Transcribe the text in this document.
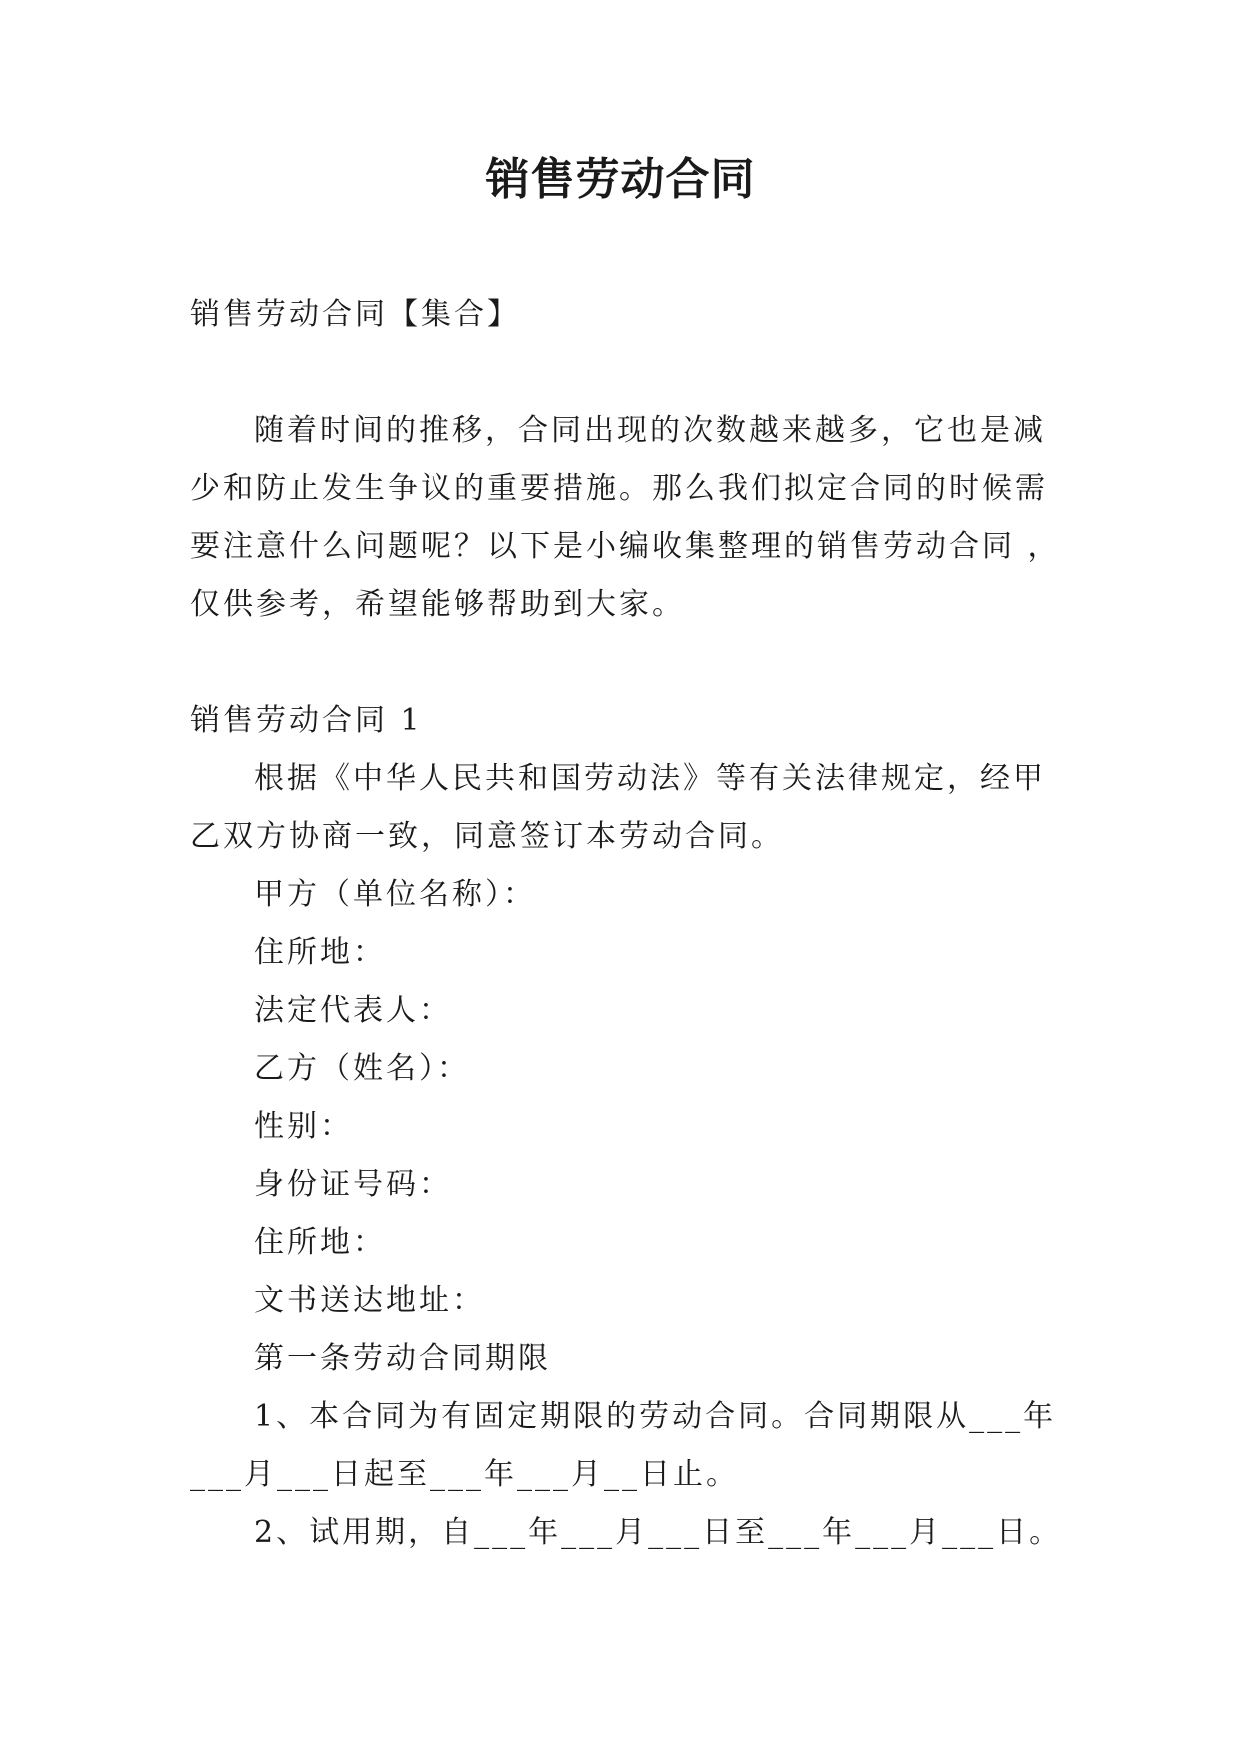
销售劳动合同
销售劳动合同【集合】
随着时间的推移，合同出现的次数越来越多，它也是减
少和防止发生争议的重要措施。那么我们拟定合同的时候需
要注意什么问题呢？以下是小编收集整理的销售劳动合同 ，
仅供参考，希望能够帮助到大家。
销售劳动合同 1
根据《中华人民共和国劳动法》等有关法律规定，经甲
乙双方协商一致，同意签订本劳动合同。
甲方（单位名称）：
住所地：
法定代表人：
乙方（姓名）：
性别：
身份证号码：
住所地：
文书送达地址：
第一条劳动合同期限
1、本合同为有固定期限的劳动合同。合同期限从___年
___月___日起至___年___月__日止。
2、试用期，自___年___月___日至___年___月___日。
